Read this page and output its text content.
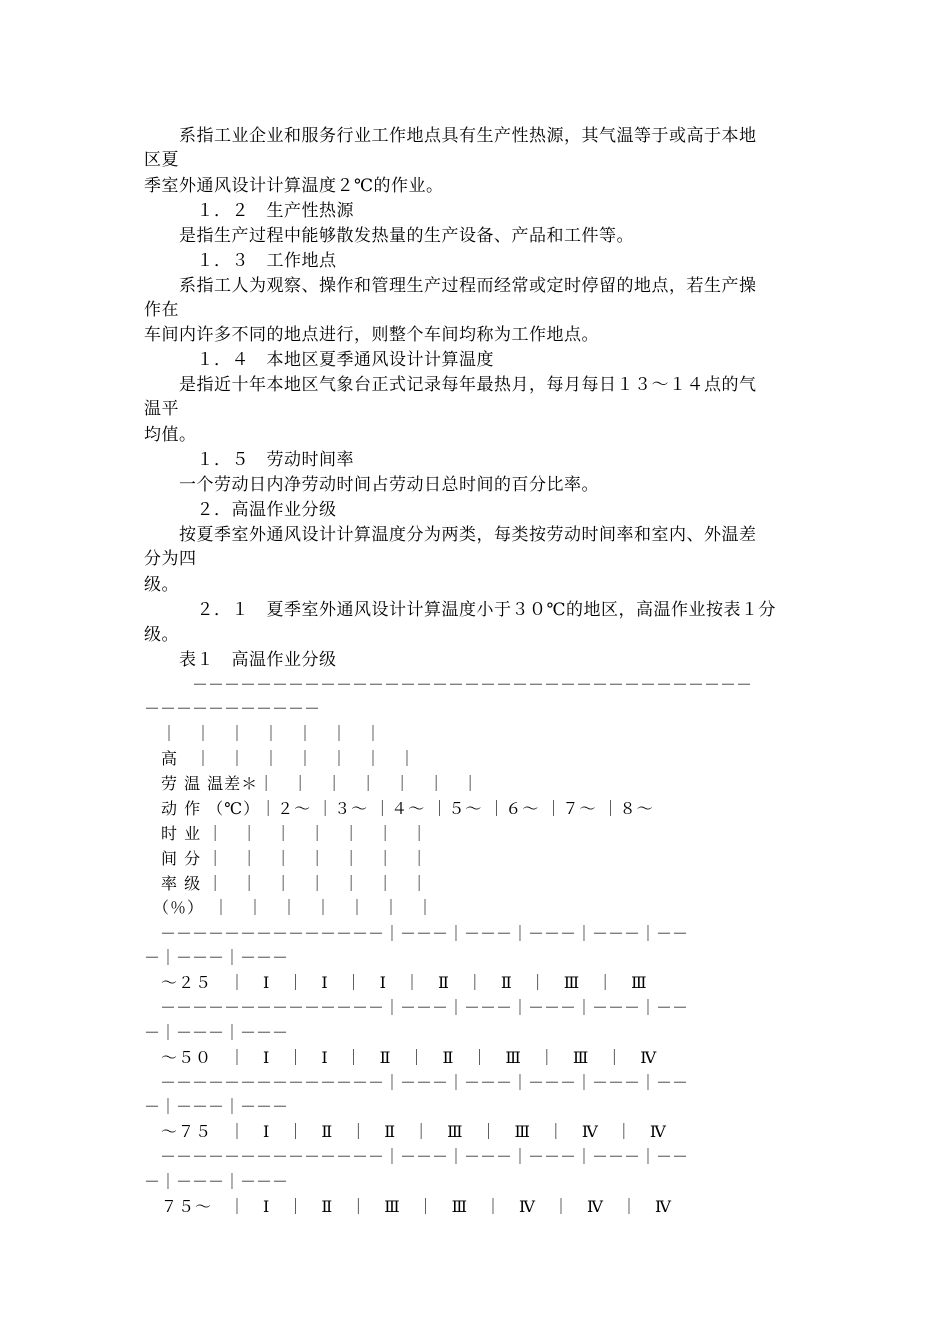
　　系指工业企业和服务行业工作地点具有生产性热源，其气温等于或高于本地
区夏
季室外通风设计计算温度２℃的作业。
　　　１．２　生产性热源
　　是指生产过程中能够散发热量的生产设备、产品和工件等。
　　　１．３　工作地点
　　系指工人为观察、操作和管理生产过程而经常或定时停留的地点，若生产操
作在
车间内许多不同的地点进行，则整个车间均称为工作地点。
　　　１．４　本地区夏季通风设计计算温度
　　是指近十年本地区气象台正式记录每年最热月，每月每日１３～１４点的气
温平
均值。
　　　１．５　劳动时间率
　　一个劳动日内净劳动时间占劳动日总时间的百分比率。
　　　２．高温作业分级
　　按夏季室外通风设计计算温度分为两类，每类按劳动时间率和室内、外温差
分为四
级。
　　　２．１　夏季室外通风设计计算温度小于３０℃的地区，高温作业按表１分
级。
　　表１　高温作业分级
　　　－－－－－－－－－－－－－－－－－－－－－－－－－－－－－－－－－－－
－－－－－－－－－－－
　｜　｜　｜　｜　｜　｜　｜
　高　｜　｜　｜　｜　｜　｜　｜
　劳 温 温差＊｜　｜　｜　｜　｜　｜　｜
　动 作 （℃）｜２～ ｜３～ ｜４～ ｜５～ ｜６～ ｜７～ ｜８～
　时 业 ｜　｜　｜　｜　｜　｜　｜
　间 分 ｜　｜　｜　｜　｜　｜　｜
　率 级 ｜　｜　｜　｜　｜　｜　｜
　（％）　｜　｜　｜　｜　｜　｜　｜
　－－－－－－－－－－－－－－｜－－－｜－－－｜－－－｜－－－｜－－
－｜－－－｜－－－
　～２５　｜　Ⅰ　｜　Ⅰ　｜　Ⅰ　｜　Ⅱ　｜　Ⅱ　｜　Ⅲ　｜　Ⅲ
　－－－－－－－－－－－－－－｜－－－｜－－－｜－－－｜－－－｜－－
－｜－－－｜－－－
　～５０　｜　Ⅰ　｜　Ⅰ　｜　Ⅱ　｜　Ⅱ　｜　Ⅲ　｜　Ⅲ　｜　Ⅳ
　－－－－－－－－－－－－－－｜－－－｜－－－｜－－－｜－－－｜－－
－｜－－－｜－－－
　～７５　｜　Ⅰ　｜　Ⅱ　｜　Ⅱ　｜　Ⅲ　｜　Ⅲ　｜　Ⅳ　｜　Ⅳ
　－－－－－－－－－－－－－－｜－－－｜－－－｜－－－｜－－－｜－－
－｜－－－｜－－－
　７５～　｜　Ⅰ　｜　Ⅱ　｜　Ⅲ　｜　Ⅲ　｜　Ⅳ　｜　Ⅳ　｜　Ⅳ
